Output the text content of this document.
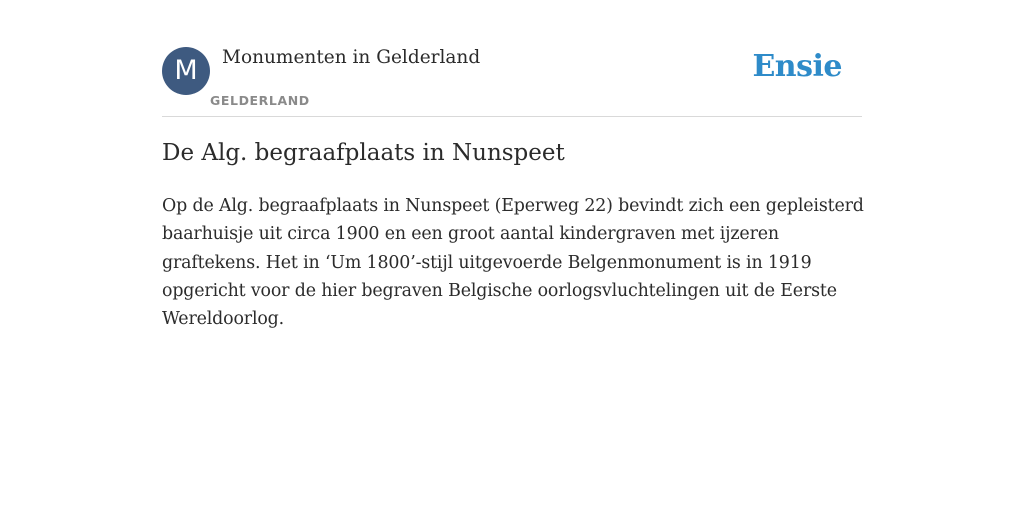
M	Monumenten in Gelderland
GELDERLAND
Ensie
De Alg. begraafplaats in Nunspeet

Op de Alg. begraafplaats in Nunspeet (Eperweg 22) bevindt zich een gepleisterd baarhuisje uit circa 1900 en een groot aantal kindergraven met ijzeren graftekens. Het in ‘Um 1800’-stijl uitgevoerde Belgenmonument is in 1919 opgericht voor de hier begraven Belgische oorlogsvluchtelingen uit de Eerste Wereldoorlog.
